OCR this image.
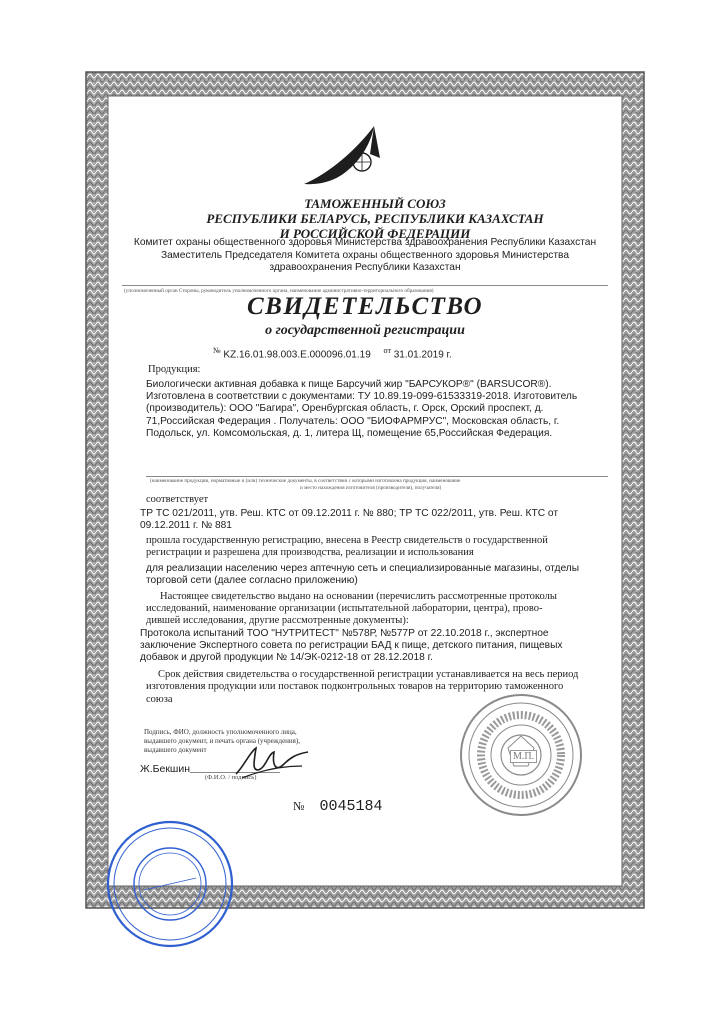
ТАМОЖЕННЫЙ СОЮЗ
РЕСПУБЛИКИ БЕЛАРУСЬ, РЕСПУБЛИКИ КАЗАХСТАН
И РОССИЙСКОЙ ФЕДЕРАЦИИ
Комитет охраны общественного здоровья Министерства здравоохранения Республики Казахстан
Заместитель Председателя Комитета охраны общественного здоровья Министерства
здравоохранения Республики Казахстан
(уполномоченный орган Стороны, руководитель уполномоченного органа, наименование административно-территориального образования)
СВИДЕТЕЛЬСТВО
о государственной регистрации
№ KZ.16.01.98.003.E.000096.01.19 $^{от}$ 31.01.2019 г.
Продукция:
Биологически активная добавка к пище Барсучий жир "БАРСУКОР®" (BARSUCOR®).
Изготовлена в соответствии с документами: ТУ 10.89.19-099-61533319-2018. Изготовитель
(производитель): ООО "Багира", Оренбургская область, г. Орск, Орский проспект, д.
71,Российская Федерация . Получатель: ООО "БИОФАРМРУС", Московская область, г.
Подольск, ул. Комсомольская, д. 1, литера Щ, помещение 65,Российская Федерация.
(наименование продукции, нормативные и (или) технические документы, в соответствии с которыми изготовлена продукция, наименование
и место нахождения изготовителя (производителя), получателя)
соответствует
ТР ТС 021/2011, утв. Реш. КТС от 09.12.2011 г. № 880; ТР ТС 022/2011, утв. Реш. КТС от
09.12.2011 г. № 881
прошла государственную регистрацию, внесена в Реестр свидетельств о государственной
регистрации и разрешена для производства, реализации и использования
для реализации населению через аптечную сеть и специализированные магазины, отделы
торговой сети (далее согласно приложению)
Настоящее свидетельство выдано на основании (перечислить рассмотренные протоколы
исследований, наименование организации (испытательной лаборатории, центра), прово-
дившей исследования, другие рассмотренные документы):
Протокола испытаний ТОО "НУТРИТЕСТ" №578Р, №577Р от 22.10.2018 г., экспертное
заключение Экспертного совета по регистрации БАД к пище, детского питания, пищевых
добавок и другой продукции № 14/ЭК-0212-18 от 28.12.2018 г.
Срок действия свидетельства о государственной регистрации устанавливается на весь период
изготовления продукции или поставок подконтрольных товаров на территорию таможенного
союза
Подпись, ФИО, должность уполномоченного лица,
выдавшего документ, и печать органа (учреждения),
выдавшего документ
Ж.Бекшин
(Ф.И.О. / подпись)
№ 0045184
М.П.
